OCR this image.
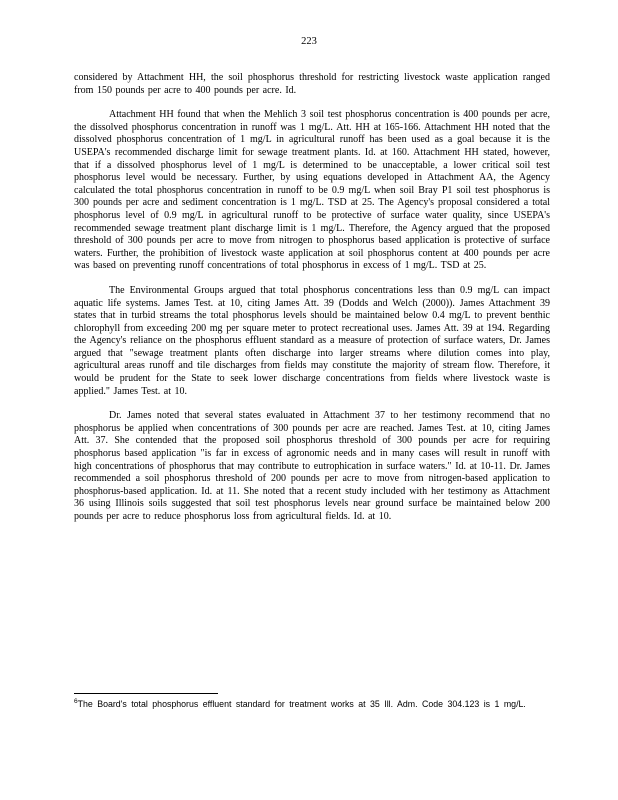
223

considered by Attachment HH, the soil phosphorus threshold for restricting livestock waste application ranged from 150 pounds per acre to 400 pounds per acre. Id.

Attachment HH found that when the Mehlich 3 soil test phosphorus concentration is 400 pounds per acre, the dissolved phosphorus concentration in runoff was 1 mg/L. Att. HH at 165-166. Attachment HH noted that the dissolved phosphorus concentration of 1 mg/L in agricultural runoff has been used as a goal because it is the USEPA's recommended discharge limit for sewage treatment plants. Id. at 160. Attachment HH stated, however, that if a dissolved phosphorus level of 1 mg/L is determined to be unacceptable, a lower critical soil test phosphorus level would be necessary. Further, by using equations developed in Attachment AA, the Agency calculated the total phosphorus concentration in runoff to be 0.9 mg/L when soil Bray P1 soil test phosphorus is 300 pounds per acre and sediment concentration is 1 mg/L. TSD at 25. The Agency's proposal considered a total phosphorus level of 0.9 mg/L in agricultural runoff to be protective of surface water quality, since USEPA's recommended sewage treatment plant discharge limit is 1 mg/L. Therefore, the Agency argued that the proposed threshold of 300 pounds per acre to move from nitrogen to phosphorus based application is protective of surface waters. Further, the prohibition of livestock waste application at soil phosphorus content at 400 pounds per acre was based on preventing runoff concentrations of total phosphorus in excess of 1 mg/L. TSD at 25.

The Environmental Groups argued that total phosphorus concentrations less than 0.9 mg/L can impact aquatic life systems. James Test. at 10, citing James Att. 39 (Dodds and Welch (2000)). James Attachment 39 states that in turbid streams the total phosphorus levels should be maintained below 0.4 mg/L to prevent benthic chlorophyll from exceeding 200 mg per square meter to protect recreational uses. James Att. 39 at 194. Regarding the Agency's reliance on the phosphorus effluent standard as a measure of protection of surface waters, Dr. James argued that "sewage treatment plants often discharge into larger streams where dilution comes into play, agricultural areas runoff and tile discharges from fields may constitute the majority of stream flow. Therefore, it would be prudent for the State to seek lower discharge concentrations from fields where livestock waste is applied." James Test. at 10.

Dr. James noted that several states evaluated in Attachment 37 to her testimony recommend that no phosphorus be applied when concentrations of 300 pounds per acre are reached. James Test. at 10, citing James Att. 37. She contended that the proposed soil phosphorus threshold of 300 pounds per acre for requiring phosphorus based application "is far in excess of agronomic needs and in many cases will result in runoff with high concentrations of phosphorus that may contribute to eutrophication in surface waters." Id. at 10-11. Dr. James recommended a soil phosphorus threshold of 200 pounds per acre to move from nitrogen-based application to phosphorus-based application. Id. at 11. She noted that a recent study included with her testimony as Attachment 36 using Illinois soils suggested that soil test phosphorus levels near ground surface be maintained below 200 pounds per acre to reduce phosphorus loss from agricultural fields. Id. at 10.

$^6$The Board's total phosphorus effluent standard for treatment works at 35 Ill. Adm. Code 304.123 is 1 mg/L.
